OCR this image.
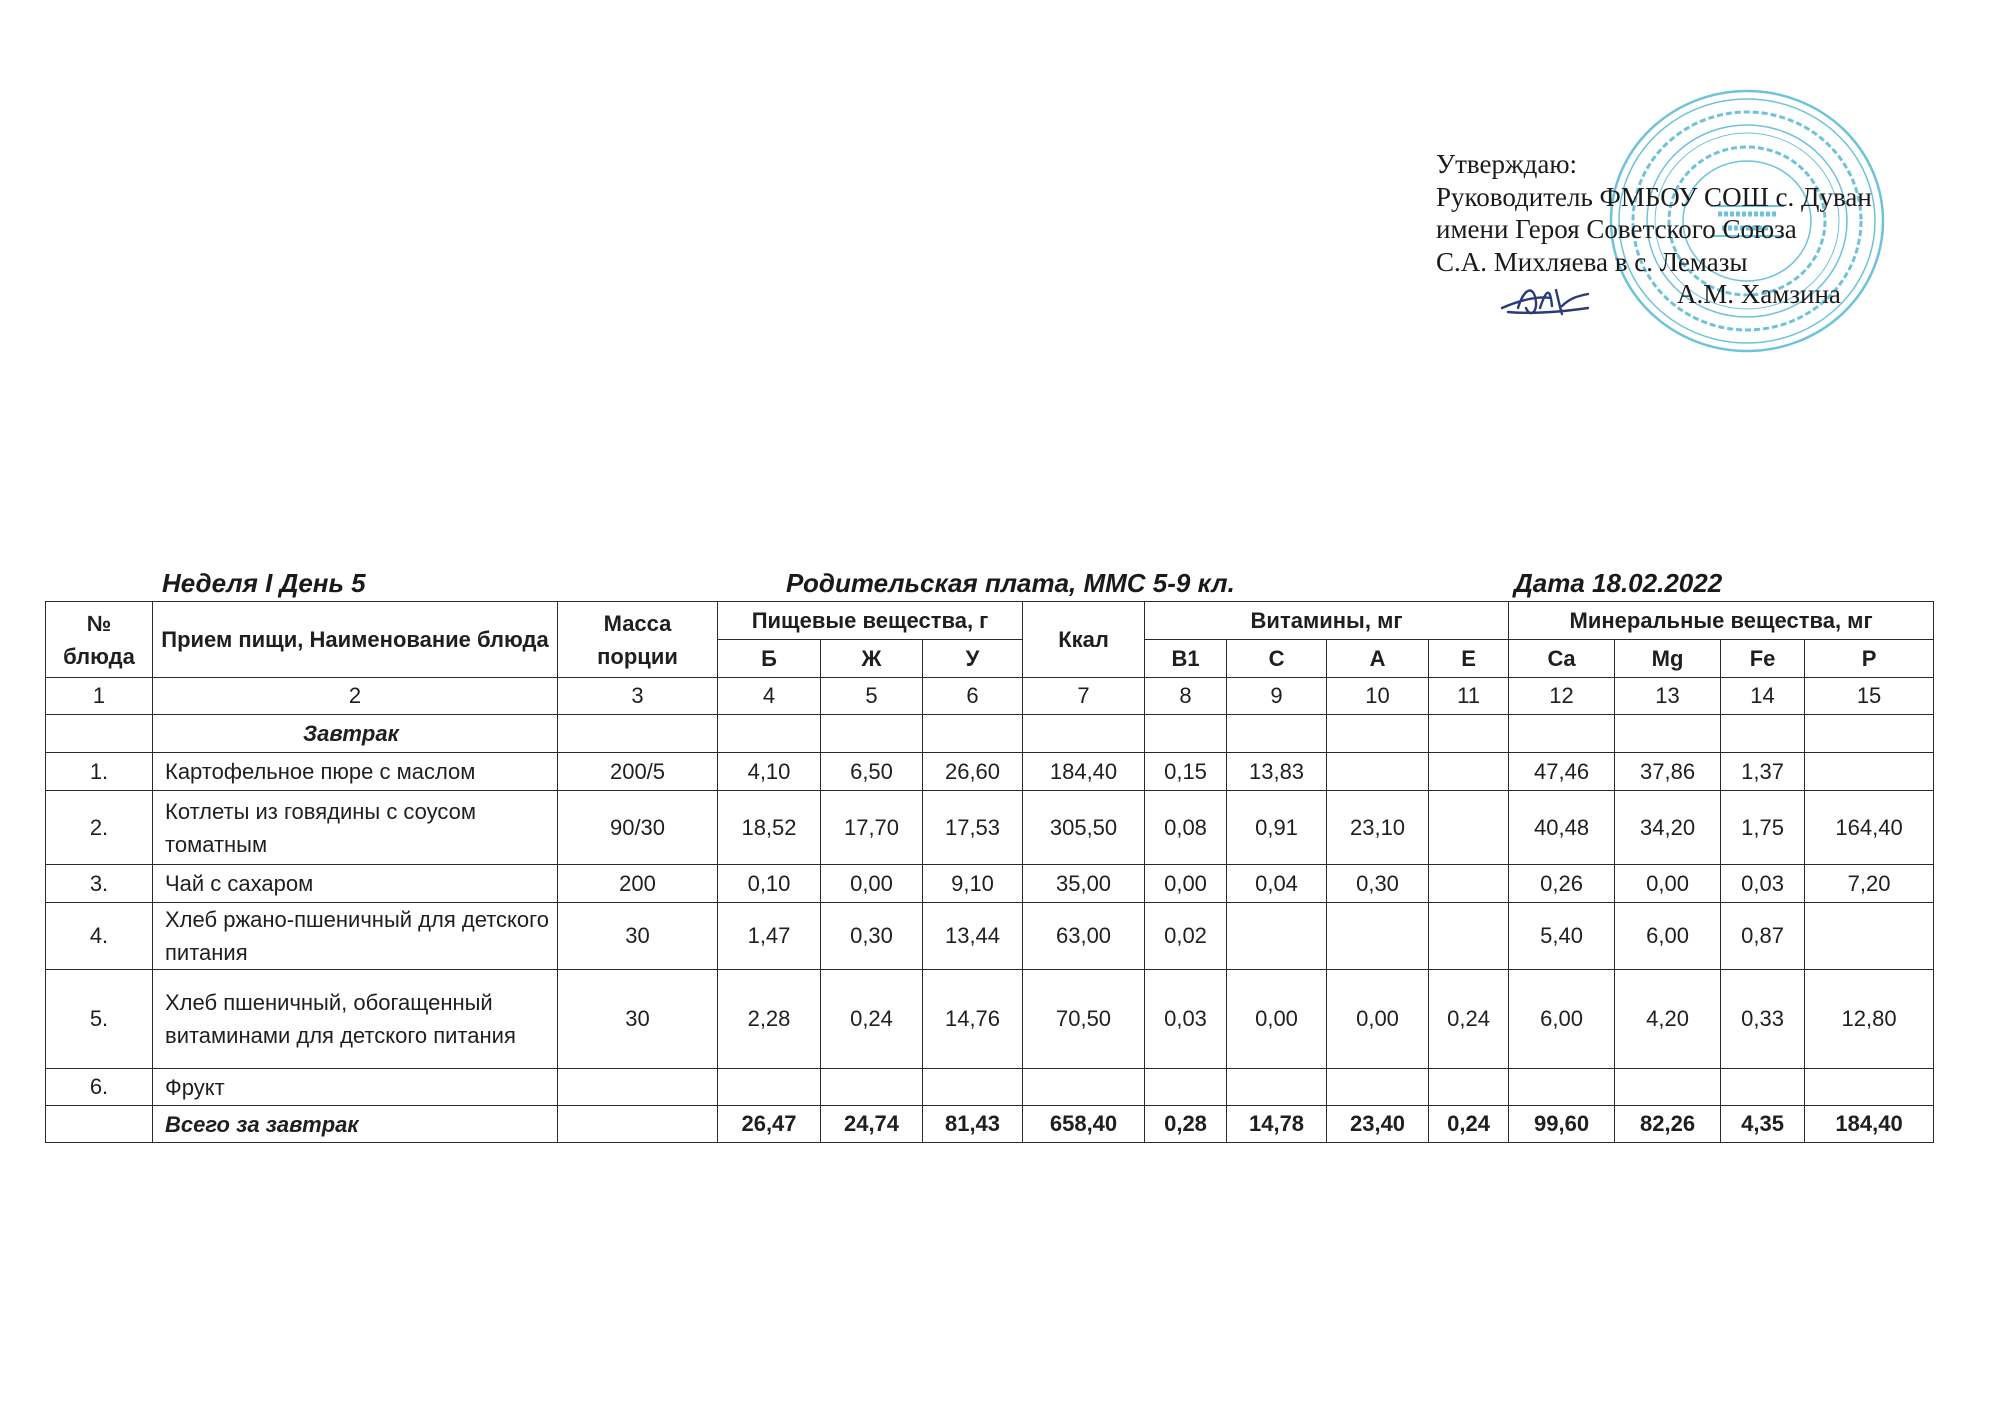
Утверждаю:
Руководитель ФМБОУ СОШ с. Дуван
имени Героя Советского Союза
С.А. Михляева в с. Лемазы
А.М. Хамзина
Неделя I День 5	Родительская плата, ММС 5-9 кл.	Дата 18.02.2022
№ блюда	Прием пищи, Наименование блюда	Масса порции	Пищевые вещества, г			Ккал	Витамины, мг				Минеральные вещества, мг			
			Б	Ж	У		В1	С	А	Е	Ca	Mg	Fe	P
1	2	3	4	5	6	7	8	9	10	11	12	13	14	15
	Завтрак													
1.	Картофельное пюре с маслом	200/5	4,10	6,50	26,60	184,40	0,15	13,83			47,46	37,86	1,37	
2.	Котлеты из говядины с соусом томатным	90/30	18,52	17,70	17,53	305,50	0,08	0,91	23,10		40,48	34,20	1,75	164,40
3.	Чай с сахаром	200	0,10	0,00	9,10	35,00	0,00	0,04	0,30		0,26	0,00	0,03	7,20
4.	Хлеб ржано-пшеничный для детского питания	30	1,47	0,30	13,44	63,00	0,02				5,40	6,00	0,87	
5.	Хлеб пшеничный, обогащенный витаминами для детского питания	30	2,28	0,24	14,76	70,50	0,03	0,00	0,00	0,24	6,00	4,20	0,33	12,80
6.	Фрукт													
	Всего за завтрак		26,47	24,74	81,43	658,40	0,28	14,78	23,40	0,24	99,60	82,26	4,35	184,40
